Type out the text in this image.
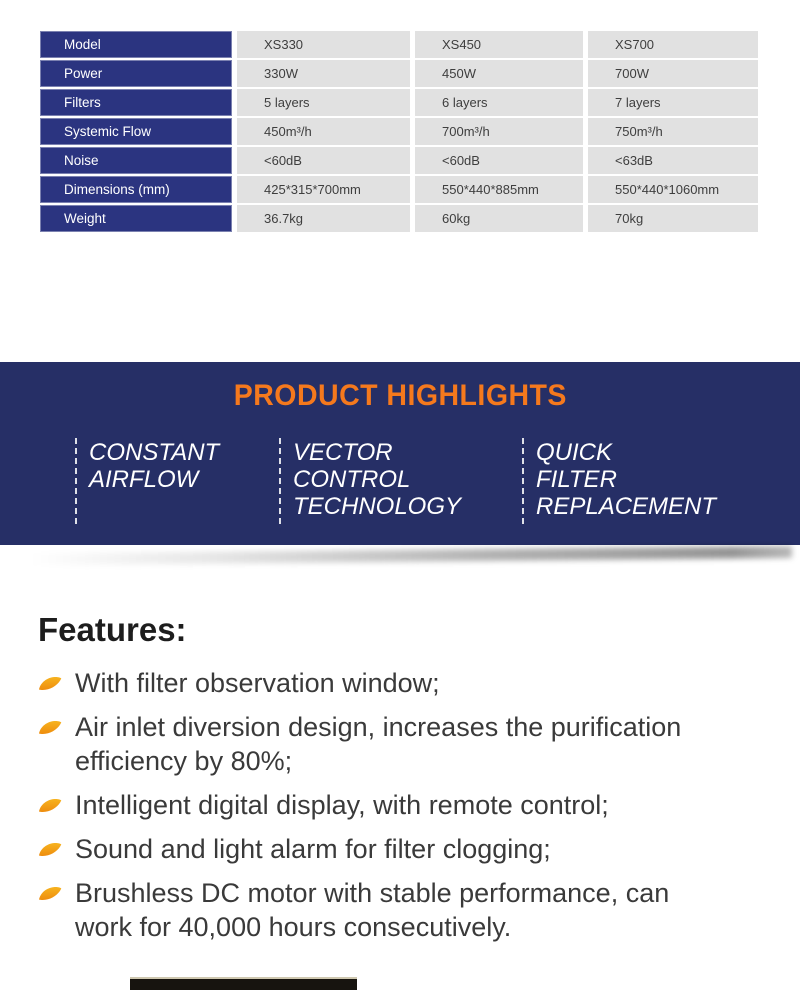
Model	XS330	XS450	XS700
Power	330W	450W	700W
Filters	5 layers	6 layers	7 layers
Systemic Flow	450m³/h	700m³/h	750m³/h
Noise	<60dB	<60dB	<63dB
Dimensions (mm)	425*315*700mm	550*440*885mm	550*440*1060mm
Weight	36.7kg	60kg	70kg
PRODUCT HIGHLIGHTS
CONSTANT
AIRFLOW
VECTOR
CONTROL
TECHNOLOGY
QUICK
FILTER
REPLACEMENT
Features:
With filter observation window;
Air inlet diversion design, increases the purification
efficiency by 80%;
Intelligent digital display, with remote control;
Sound and light alarm for filter clogging;
Brushless DC motor with stable performance, can
work for 40,000 hours consecutively.
